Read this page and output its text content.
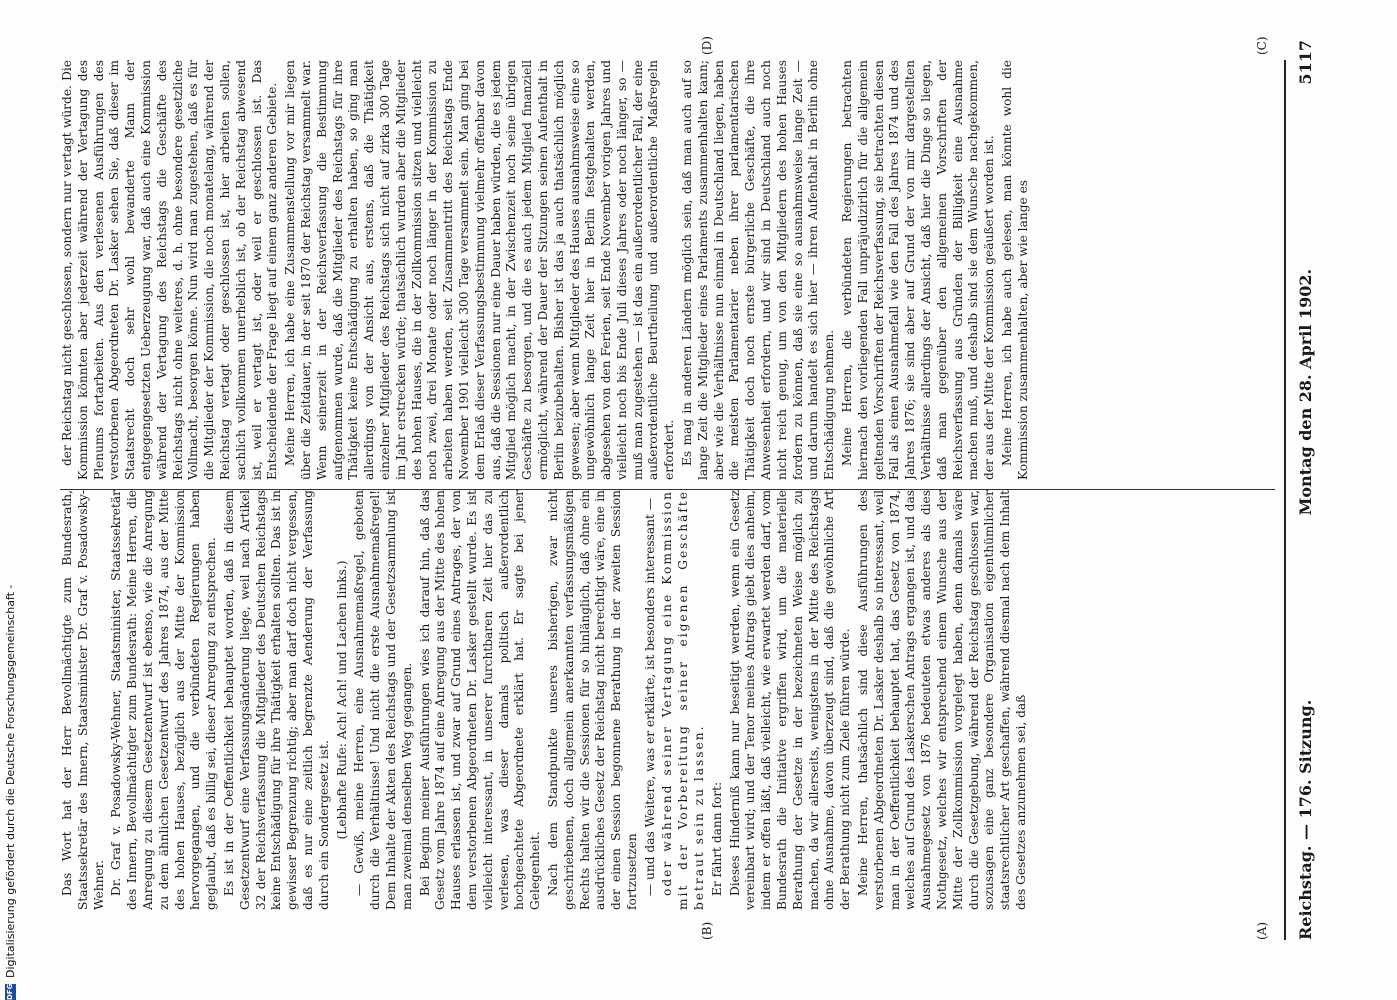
Reichstag. — 176. Sitzung.
Montag den 28. April 1902.
5117
(A)
(B)
(C)
(D)

Das Wort hat der Herr Bevollmächtigte zum Bundesrath, Staatssekretär des Innern, Staatsminister Dr. Graf v. Posadowsky-Wehner. Dr. Graf v. Posadowsky-Wehner, Staatsminister, Staatssekretär des Innern, Bevollmächtigter zum Bundesrath: Meine Herren, die Anregung zu diesem Gesetzentwurf ist ebenso, wie die Anregung zu dem ähnlichen Gesetzentwurf des Jahres 1874, aus der Mitte des hohen Hauses, bezüglich aus der Mitte der Kommission hervorgegangen, und die verbündeten Regierungen haben geglaubt, daß es billig sei, dieser Anregung zu entsprechen. Es ist in der Oeffentlichkeit behauptet worden, daß in diesem Gesetzentwurf eine Verfassungsänderung liege, weil nach Artikel 32 der Reichsverfassung die Mitglieder des Deutschen Reichstags keine Entschädigung für ihre Thätigkeit erhalten sollten. Das ist in gewisser Begrenzung richtig; aber man darf doch nicht vergessen, daß es nur eine zeitlich begrenzte Aenderung der Verfassung durch ein Sondergesetz ist. (Lebhafte Rufe: Ach! Ach! und Lachen links.) — Gewiß, meine Herren, eine Ausnahmemaßregel, geboten durch die Verhältnisse! Und nicht die erste Ausnahmemaßregel! Dem Inhalte der Akten des Reichstags und der Gesetzsammlung ist man zweimal denselben Weg gegangen. Bei Beginn meiner Ausführungen wies ich darauf hin, daß das Gesetz vom Jahre 1874 auf eine Anregung aus der Mitte des hohen Hauses erlassen ist, und zwar auf Grund eines Antrages, der von dem verstorbenen Abgeordneten Dr. Lasker gestellt wurde. Es ist vielleicht interessant, in unserer furchtbaren Zeit hier das zu verlesen, was dieser damals politisch außerordentlich hochgeachtete Abgeordnete erklärt hat. Er sagte bei jener Gelegenheit. Nach dem Standpunkte unseres bisherigen, zwar nicht geschriebenen, doch allgemein anerkannten verfassungsmäßigen Rechts halten wir die Sessionen für so hinlänglich, daß ohne ein ausdrückliches Gesetz der Reichstag nicht berechtigt wäre, eine in der einen Session begonnene Berathung in der zweiten Session fortzusetzen — und das Weitere, was er erklärte, ist besonders interessant — oder während seiner Vertagung eine Kommission mit der Vorbereitung seiner eigenen Geschäfte betraut sein zu lassen. Er fährt dann fort: Dieses Hinderniß kann nur beseitigt werden, wenn ein Gesetz vereinbart wird; und der Tenor meines Antrags giebt dies anheim, indem er offen läßt, daß vielleicht, wie erwartet werden darf, vom Bundesrath die Initiative ergriffen wird, um die materielle Berathung der Gesetze in der bezeichneten Weise möglich zu machen, da wir allerseits, wenigstens in der Mitte des Reichstags ohne Ausnahme, davon überzeugt sind, daß die gewöhnliche Art der Berathung nicht zum Ziele führen würde. Meine Herren, thatsächlich sind diese Ausführungen des verstorbenen Abgeordneten Dr. Lasker deshalb so interessant, weil man in der Oeffentlichkeit behauptet hat, das Gesetz von 1874, welches auf Grund des Laskerschen Antrags ergangen ist, und das Ausnahmegesetz von 1876 bedeuteten etwas anderes als dies Nothgesetz, welches wir entsprechend einem Wunsche aus der Mitte der Zollkommission vorgelegt haben, denn damals wäre durch die Gesetzgebung, während der Reichstag geschlossen war, sozusagen eine ganz besondere Organisation eigenthümlicher staatsrechtlicher Art geschaffen, während diesmal nach dem Inhalt des Gesetzes anzunehmen sei, daß

der Reichstag nicht geschlossen, sondern nur vertagt würde. Die Kommission könnten aber jederzeit während der Vertagung des Plenums fortarbeiten. Aus den verlesenen Ausführungen des verstorbenen Abgeordneten Dr. Lasker sehen Sie, daß dieser im Staatsrecht doch sehr wohl bewanderte Mann der entgegengesetzten Ueberzeugung war, daß auch eine Kommission während der Vertagung des Reichstags die Geschäfte des Reichstags nicht ohne weiteres, d. h. ohne besondere gesetzliche Vollmacht, besorgen könne. Nun wird man zugestehen, daß es für die Mitglieder der Kommission, die noch monatelang, während der Reichstag vertagt oder geschlossen ist, hier arbeiten sollen, sachlich vollkommen unerheblich ist, ob der Reichstag abwesend ist, weil er vertagt ist, oder weil er geschlossen ist. Das Entscheidende der Frage liegt auf einem ganz anderen Gebiete. Meine Herren, ich habe eine Zusammenstellung vor mir liegen über die Zeitdauer, in der seit 1870 der Reichstag versammelt war. Wenn seinerzeit in der Reichsverfassung die Bestimmung aufgenommen wurde, daß die Mitglieder des Reichstags für ihre Thätigkeit keine Entschädigung zu erhalten haben, so ging man allerdings von der Ansicht aus, erstens, daß die Thätigkeit einzelner Mitglieder des Reichstags sich nicht auf zirka 300 Tage im Jahr erstrecken würde; thatsächlich wurden aber die Mitglieder des hohen Hauses, die in der Zollkommission sitzen und vielleicht noch zwei, drei Monate oder noch länger in der Kommission zu arbeiten haben werden, seit Zusammentritt des Reichstags Ende November 1901 vielleicht 300 Tage versammelt sein. Man ging bei dem Erlaß dieser Verfassungsbestimmung vielmehr offenbar davon aus, daß die Sessionen nur eine Dauer haben würden, die es jedem Mitglied möglich macht, in der Zwischenzeit noch seine übrigen Geschäfte zu besorgen, und die es auch jedem Mitglied finanziell ermöglicht, während der Dauer der Sitzungen seinen Aufenthalt in Berlin beizubehalten. Bisher ist das ja auch thatsächlich möglich gewesen; aber wenn Mitglieder des Hauses ausnahmsweise eine so ungewöhnlich lange Zeit hier in Berlin festgehalten werden, abgesehen von den Ferien, seit Ende November vorigen Jahres und vielleicht noch bis Ende Juli dieses Jahres oder noch länger, so — muß man zugestehen — ist das ein außerordentlicher Fall, der eine außerordentliche Beurtheilung und außerordentliche Maßregeln erfordert. Es mag in anderen Ländern möglich sein, daß man auch auf so lange Zeit die Mitglieder eines Parlaments zusammenhalten kann; aber wie die Verhältnisse nun einmal in Deutschland liegen, haben die meisten Parlamentarier neben ihrer parlamentarischen Thätigkeit doch noch ernste bürgerliche Geschäfte, die ihre Anwesenheit erfordern, und wir sind in Deutschland auch noch nicht reich genug, um von den Mitgliedern des hohen Hauses fordern zu können, daß sie eine so ausnahmsweise lange Zeit — und darum handelt es sich hier — ihren Aufenthalt in Berlin ohne Entschädigung nehmen. Meine Herren, die verbündeten Regierungen betrachten hiernach den vorliegenden Fall unpräjudizirlich für die allgemein geltenden Vorschriften der Reichsverfassung, sie betrachten diesen Fall als einen Ausnahmefall wie den Fall des Jahres 1874 und des Jahres 1876; sie sind aber auf Grund der von mir dargestellten Verhältnisse allerdings der Ansicht, daß hier die Dinge so liegen, daß man gegenüber den allgemeinen Vorschriften der Reichsverfassung aus Gründen der Billigkeit eine Ausnahme machen muß, und deshalb sind sie dem Wunsche nachgekommen, der aus der Mitte der Kommission geäußert worden ist. Meine Herren, ich habe auch gelesen, man könnte wohl die Kommission zusammenhalten, aber wie lange es

DFG
Digitalisierung gefördert durch die Deutsche Forschungsgemeinschaft -
